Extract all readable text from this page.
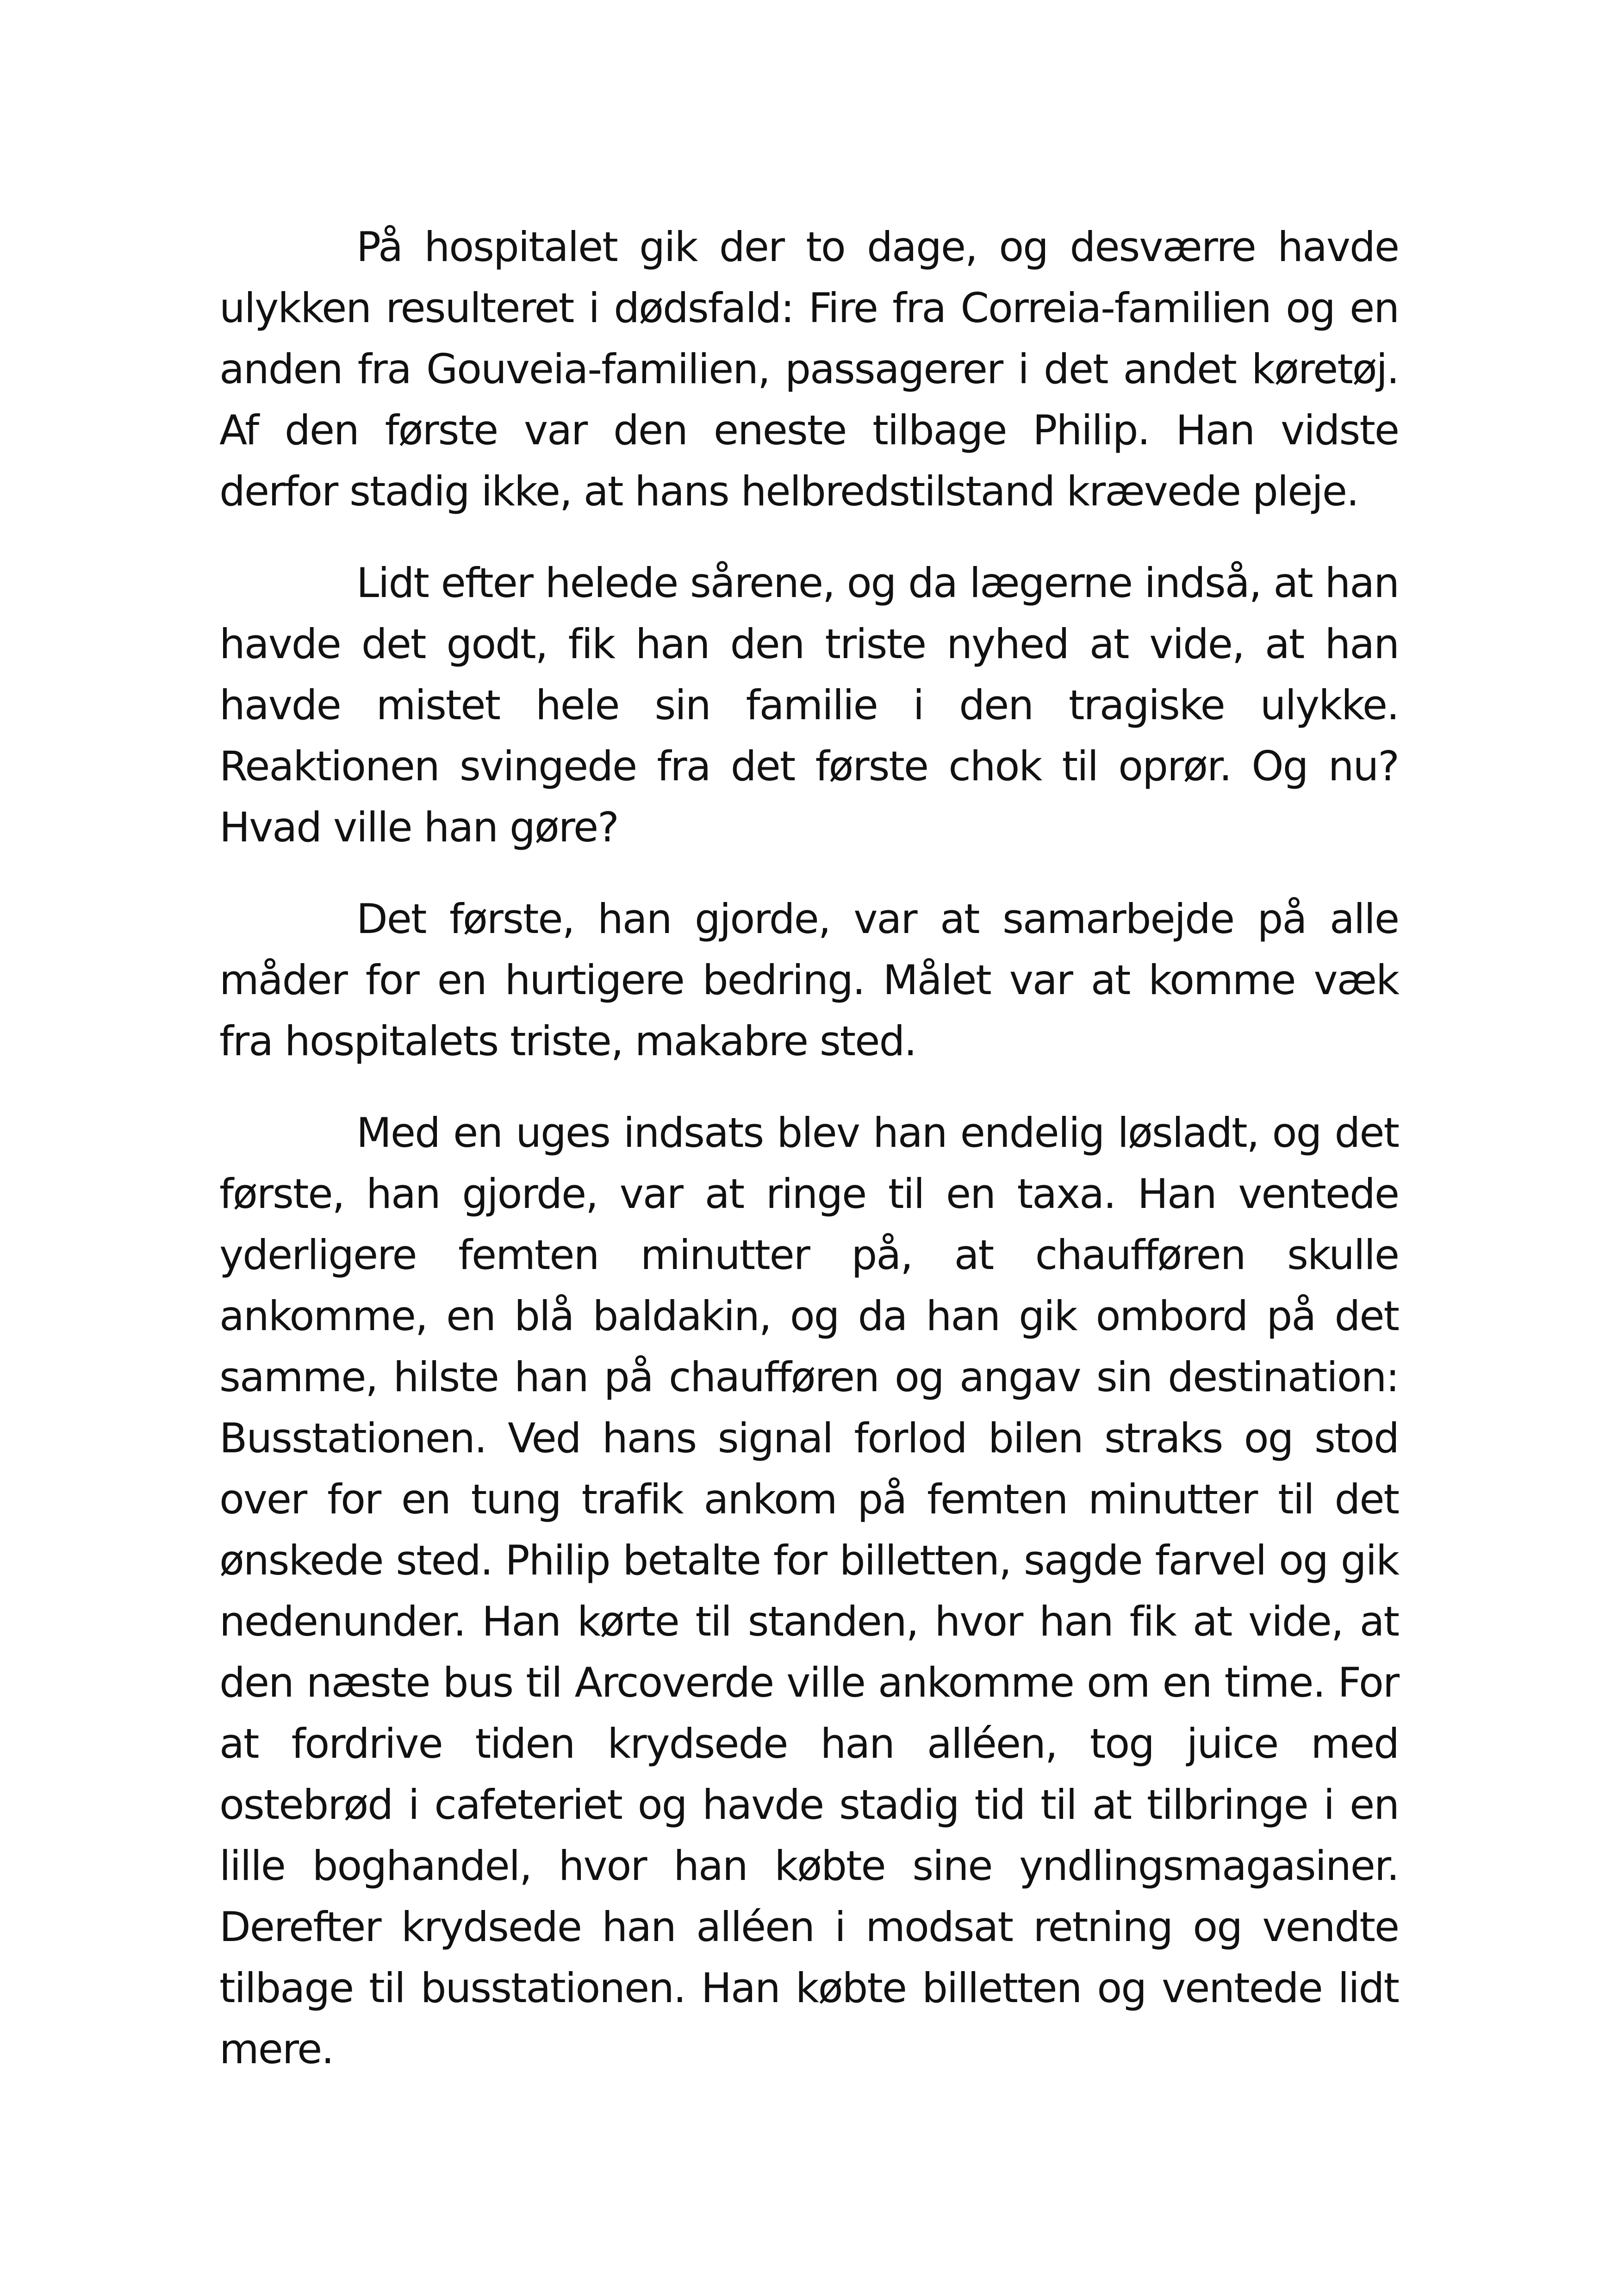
På hospitalet gik der to dage, og desværre havde ulykken resulteret i dødsfald: Fire fra Correia-familien og en anden fra Gouveia-familien, passagerer i det andet køretøj. Af den første var den eneste tilbage Philip. Han vidste derfor stadig ikke, at hans helbredstilstand krævede pleje.

Lidt efter helede sårene, og da lægerne indså, at han havde det godt, fik han den triste nyhed at vide, at han havde mistet hele sin familie i den tragiske ulykke. Reaktionen svingede fra det første chok til oprør. Og nu? Hvad ville han gøre?

Det første, han gjorde, var at samarbejde på alle måder for en hurtigere bedring. Målet var at komme væk fra hospitalets triste, makabre sted.

Med en uges indsats blev han endelig løsladt, og det første, han gjorde, var at ringe til en taxa. Han ventede yderligere femten minutter på, at chaufføren skulle ankomme, en blå baldakin, og da han gik ombord på det samme, hilste han på chaufføren og angav sin destination: Busstationen. Ved hans signal forlod bilen straks og stod over for en tung trafik ankom på femten minutter til det ønskede sted. Philip betalte for billetten, sagde farvel og gik nedenunder. Han kørte til standen, hvor han fik at vide, at den næste bus til Arcoverde ville ankomme om en time. For at fordrive tiden krydsede han alléen, tog juice med ostebrød i cafeteriet og havde stadig tid til at tilbringe i en lille boghandel, hvor han købte sine yndlingsmagasiner. Derefter krydsede han alléen i modsat retning og vendte tilbage til busstationen. Han købte billetten og ventede lidt mere.
